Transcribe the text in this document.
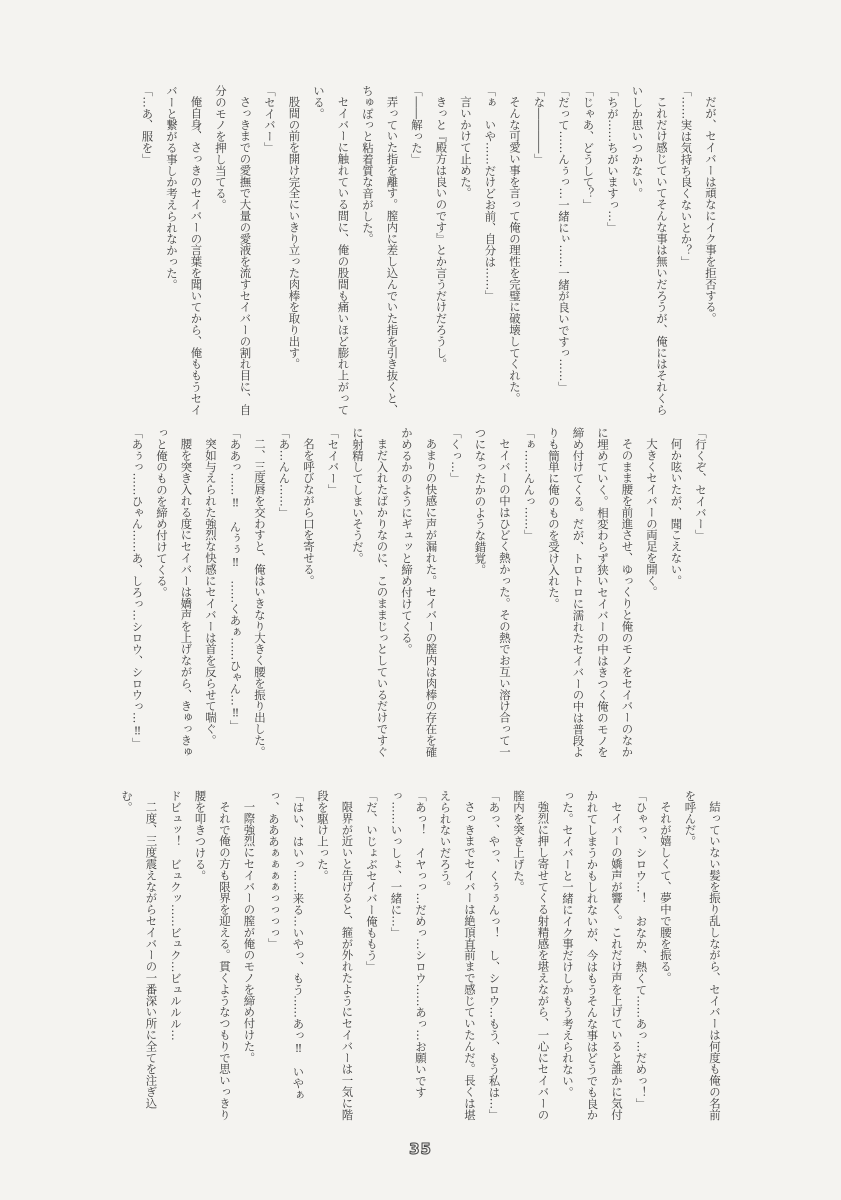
だが、セイバーは頑なにイク事を拒否する。

「……実は気持ち良くないとか？」

これだけ感じていてそんな事は無いだろうが、俺にはそれくらいしか思いつかない。

「ちが……ちがいますっ…」

「じゃあ、どうして？」

「だって……んぅっ…一緒にぃ……一緒が良いですっ……」

「な――――」

そんな可愛い事を言って俺の理性を完璧に破壊してくれた。

「ぁ　いや……だけどお前、自分は……」

言いかけて止めた。

きっと『殿方は良いのです』とか言うだけだろうし。

「――解った」

弄っていた指を離す。膣内に差し込んでいた指を引き抜くと、ちゅぽっと粘着質な音がした。

セイバーに触れている間に、俺の股間も痛いほど膨れ上がっている。

股間の前を開け完全にいきり立った肉棒を取り出す。

「セイバー」

さっきまでの愛撫で大量の愛液を流すセイバーの割れ目に、自分のモノを押し当てる。

俺自身、さっきのセイバーの言葉を聞いてから、俺ももうセイバーと繋がる事しか考えられなかった。

「…あ、服を」

「行くぞ、セイバー」

何か呟いたが、聞こえない。

大きくセイバーの両足を開く。

そのまま腰を前進させ、ゆっくりと俺のモノをセイバーのなかに埋めていく。相変わらず狭いセイバーの中はきつく俺のモノを締め付けてくる。だが、トロトロに濡れたセイバーの中は普段よりも簡単に俺のものを受け入れた。

「ぁ……んんっ……」

セイバーの中はひどく熱かった。その熱でお互い溶け合って一つになったかのような錯覚。

「くっ…」

あまりの快感に声が漏れた。セイバーの膣内は肉棒の存在を確かめるかのようにギュッと締め付けてくる。

まだ入れたばかりなのに、このままじっとしているだけですぐに射精してしまいそうだ。

「セイバー」

名を呼びながら口を寄せる。

「あ…んん……」

二、三度唇を交わすと、俺はいきなり大きく腰を振り出した。

「ああっ……‼　んぅぅ‼　……くあぁ……ひゃん…‼」

突如与えられた強烈な快感にセイバーは首を反らせて喘ぐ。

腰を突き入れる度にセイバーは嬌声を上げながら、きゅっきゅっと俺のものを締め付けてくる。

「あぅっ……ひゃん……あ、しろっ…シロウ、シロウっ…‼」

結っていない髪を振り乱しながら、セイバーは何度も俺の名前を呼んだ。

それが嬉しくて、夢中で腰を振る。

「ひゃっ、シロウ…！　おなか、熱くて……あっ…だめっ！」

セイバーの嬌声が響く。これだけ声を上げていると誰かに気付かれてしまうかもしれないが、今はもうそんな事はどうでも良かった。セイバーと一緒にイク事だけしかもう考えられない。

強烈に押し寄せてくる射精感を堪えながら、一心にセイバーの膣内を突き上げた。

「あっ、やっ、くぅぅんっ！　し、シロウ…もう、もう私は…」

さっきまでセイバーは絶頂直前まで感じていたんだ。長くは堪えられないだろう。

「あっ！　イヤっっ…だめっ…シロウ……あっ…お願いですっ……いっしょ、一緒に…」

「だ、いじょぶセイバー俺ももう」

限界が近いと告げると、箍が外れたようにセイバーは一気に階段を駆け上った。

「はい、はいっ……来る…いやっ、もう……あっ‼　いやぁっ、あああぁぁぁぁっっっっ」

一際強烈にセイバーの膣が俺のモノを締め付けた。

それで俺の方も限界を迎える。貫くようなつもりで思いっきり腰を叩きつける。

ドビュッ！　ビュクッ……ビュク…ビュルルル…

二度、三度震えながらセイバーの一番深い所に全てを注ぎ込む。

35
